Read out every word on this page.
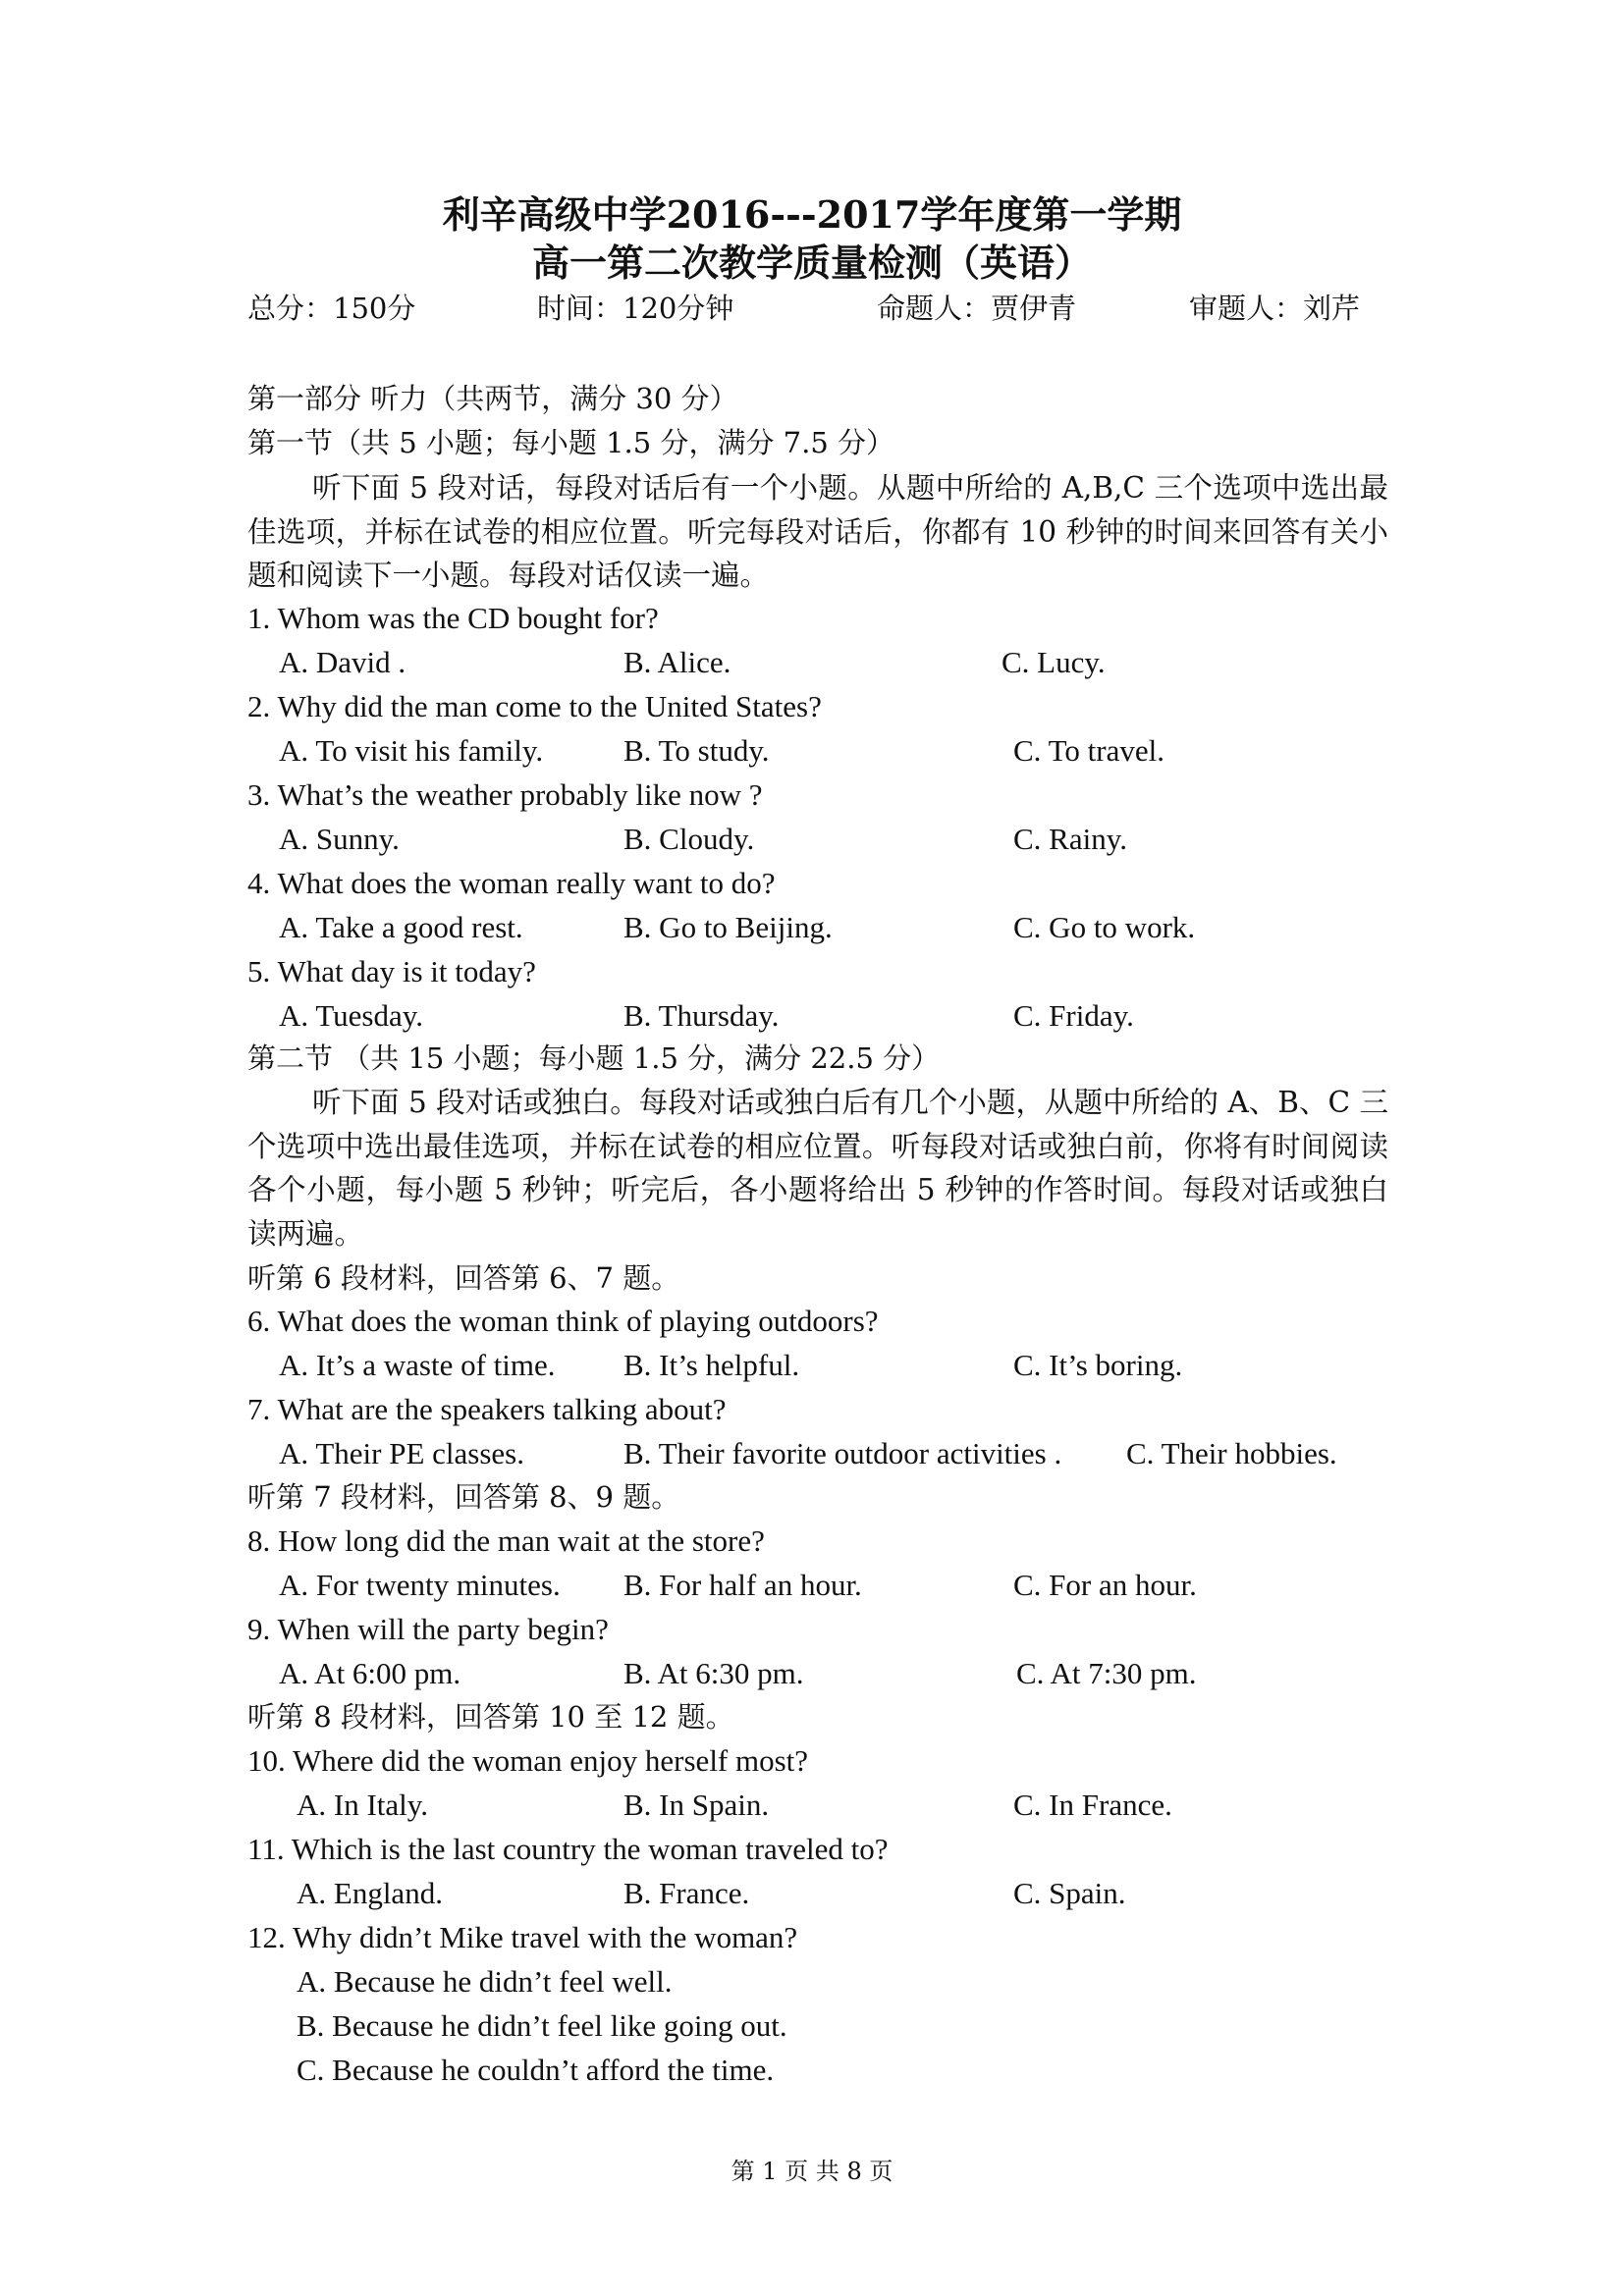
利辛高级中学2016---2017学年度第一学期
高一第二次教学质量检测（英语）
总分：150分	时间：120分钟	命题人：贾伊青	审题人：刘芹
第一部分 听力（共两节，满分 30 分）
第一节（共 5 小题；每小题 1.5 分，满分 7.5 分）
听下面 5 段对话，每段对话后有一个小题。从题中所给的 A,B,C 三个选项中选出最佳选项，并标在试卷的相应位置。听完每段对话后，你都有 10 秒钟的时间来回答有关小题和阅读下一小题。每段对话仅读一遍。
1. Whom was the CD bought for?
A. David .	B. Alice.	C. Lucy.
2. Why did the man come to the United States?
A. To visit his family.	B. To study.	C. To travel.
3. What’s the weather probably like now ?
A. Sunny.	B. Cloudy.	C. Rainy.
4. What does the woman really want to do?
A. Take a good rest.	B. Go to Beijing.	C. Go to work.
5. What day is it today?
A. Tuesday.	B. Thursday.	C. Friday.
第二节 （共 15 小题；每小题 1.5 分，满分 22.5 分）
听下面 5 段对话或独白。每段对话或独白后有几个小题，从题中所给的 A、B、C 三个选项中选出最佳选项，并标在试卷的相应位置。听每段对话或独白前，你将有时间阅读各个小题，每小题 5 秒钟；听完后，各小题将给出 5 秒钟的作答时间。每段对话或独白读两遍。
听第 6 段材料，回答第 6、7 题。
6. What does the woman think of playing outdoors?
A. It’s a waste of time. B. It’s helpful.	C. It’s boring.
7. What are the speakers talking about?
A. Their PE classes.	B. Their favorite outdoor activities . C. Their hobbies.
听第 7 段材料，回答第 8、9 题。
8. How long did the man wait at the store?
A. For twenty minutes. B. For half an hour.	C. For an hour.
9. When will the party begin?
A. At 6:00 pm.	B. At 6:30 pm.	C. At 7:30 pm.
听第 8 段材料，回答第 10 至 12 题。
10. Where did the woman enjoy herself most?
A. In Italy.	B. In Spain.	C. In France.
11. Which is the last country the woman traveled to?
A. England.	B. France.	C. Spain.
12. Why didn’t Mike travel with the woman?
A. Because he didn’t feel well.
B. Because he didn’t feel like going out.
C. Because he couldn’t afford the time.
第 1 页 共 8 页
